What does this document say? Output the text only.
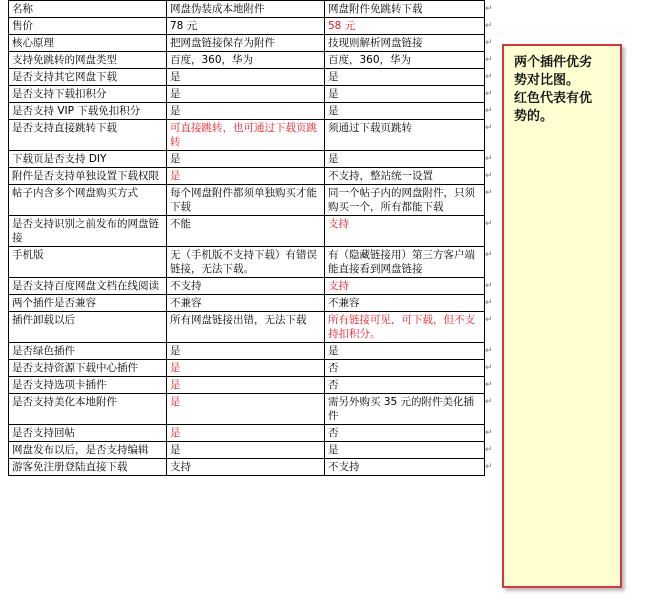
名称	网盘伪装成本地附件	网盘附件免跳转下载
售价	78 元	58 元
核心原理	把网盘链接保存为附件	技现则解析网盘链接
支持免跳转的网盘类型	百度，360，华为	百度，360，华为
是否支持其它网盘下载	是	是
是否支持下载扣积分	是	是
是否支持 VIP 下载免扣积分	是	是
是否支持直接跳转下载	可直接跳转，也可通过下载页跳转	须通过下载页跳转
下载页是否支持 DIY	是	是
附件是否支持单独设置下载权限	是	不支持，整站统一设置
帖子内含多个网盘购买方式	每个网盘附件都须单独购买才能下载	同一个帖子内的网盘附件，只须购买一个，所有都能下载
是否支持识别之前发布的网盘链接	不能	支持
手机版	无（手机版不支持下载）有错误链接，无法下载。	有（隐藏链接用）第三方客户端能直接看到网盘链接
是否支持百度网盘文档在线阅读	不支持	支持
两个插件是否兼容	不兼容	不兼容
插件卸载以后	所有网盘链接出错，无法下载	所有链接可见，可下载，但不支持扣积分。
是否绿色插件	是	是
是否支持资源下载中心插件	是	否
是否支持选项卡插件	是	否
是否支持美化本地附件	是	需另外购买 35 元的附件美化插件
是否支持回帖	是	否
网盘发布以后，是否支持编辑	是	是
游客免注册登陆直接下载	支持	不支持
↵
↵
↵
↵
↵
↵
↵
↵
↵
↵
↵
↵
↵
↵
↵
↵
↵
↵
↵
↵
↵
↵
↵
两个插件优劣
势对比图。
红色代表有优
势的。
